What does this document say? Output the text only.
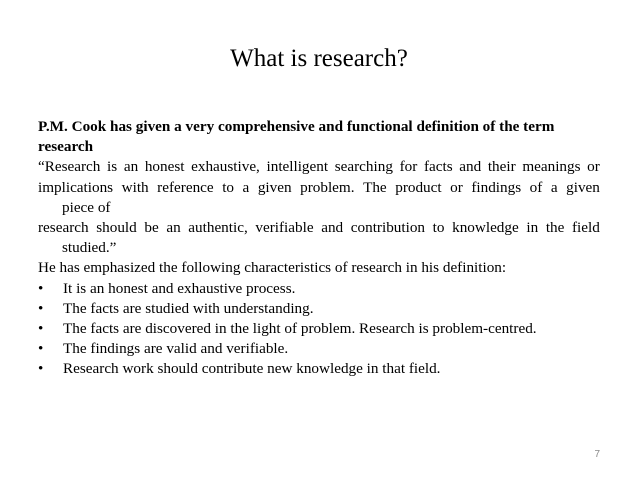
What is research?
P.M. Cook has given a very comprehensive and functional definition of the term
research
“Research is an honest exhaustive, intelligent searching for facts and their meanings or
implications with reference to a given problem. The product or findings of a given
piece of
research should be an authentic, verifiable and contribution to knowledge in the field
studied.”
He has emphasized the following characteristics of research in his definition:
•	It is an honest and exhaustive process.
•	The facts are studied with understanding.
•	The facts are discovered in the light of problem. Research is problem-centred.
•	The findings are valid and verifiable.
•	Research work should contribute new knowledge in that field.
7
